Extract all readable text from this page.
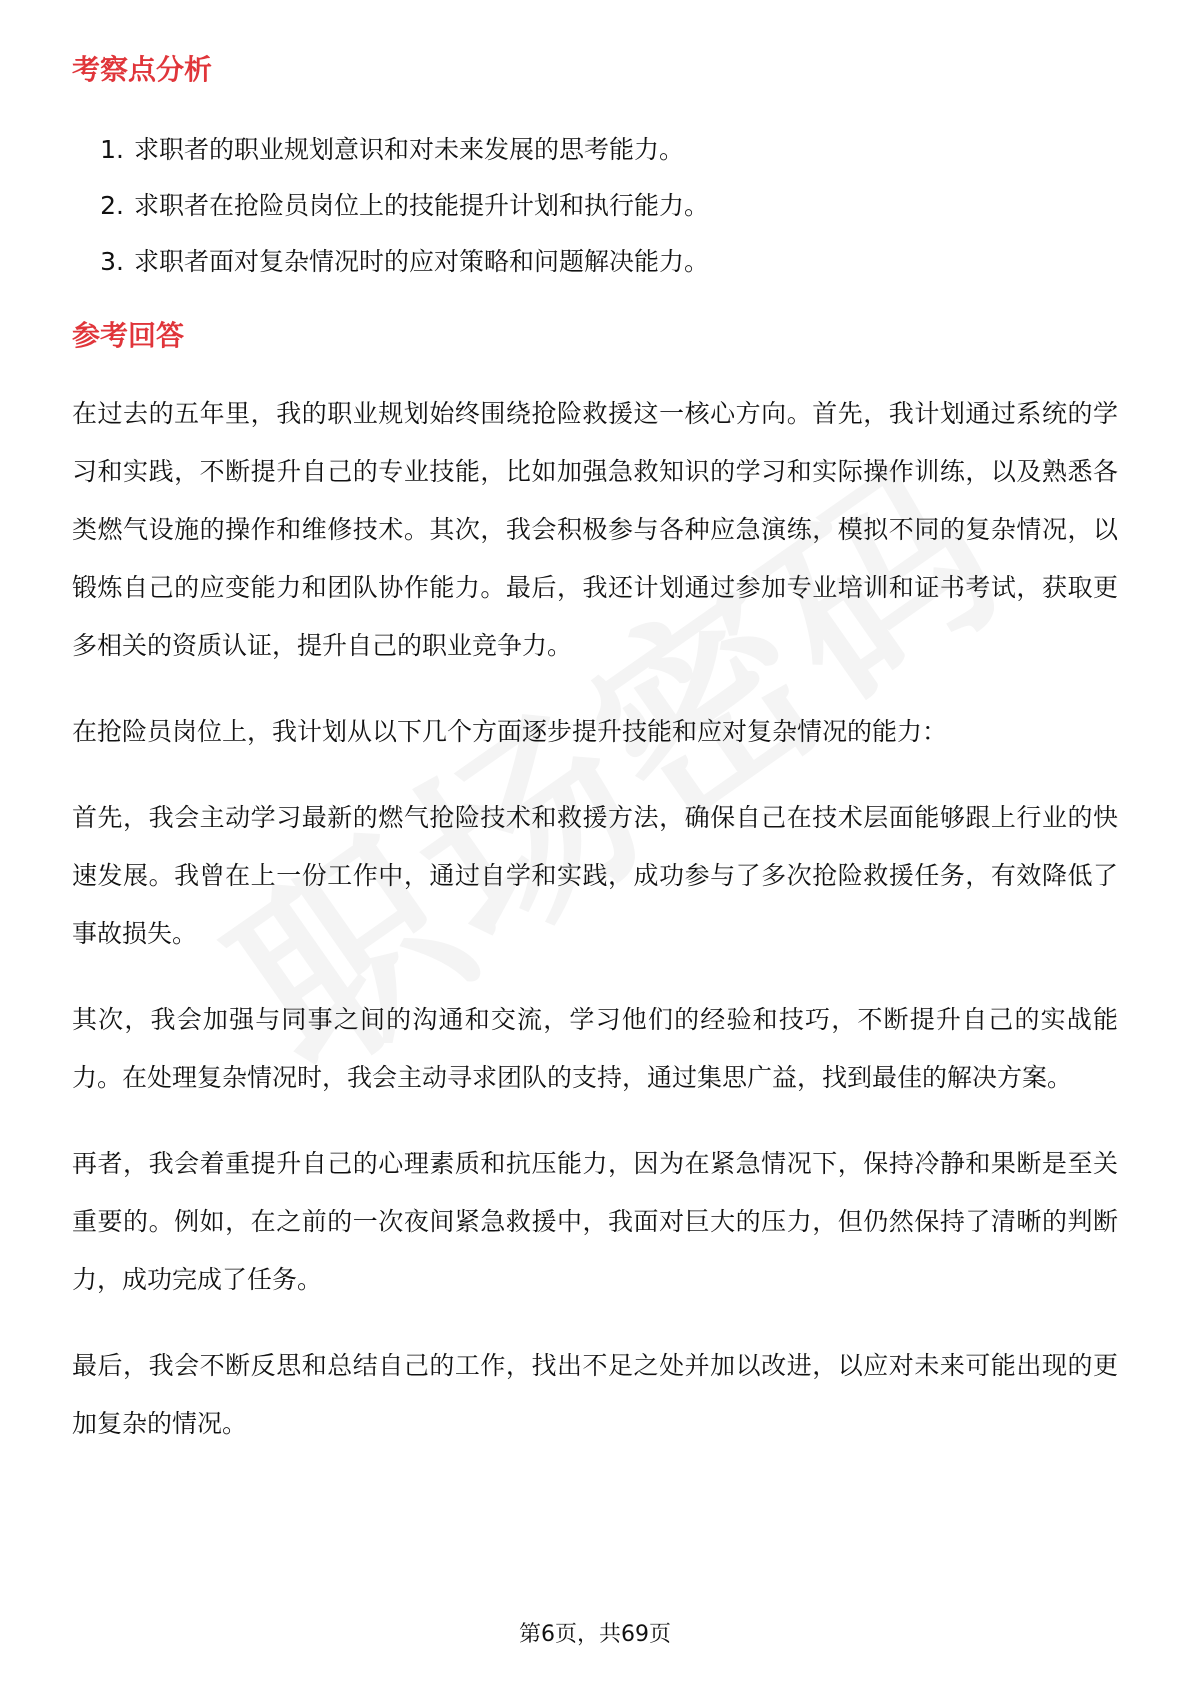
考察点分析
1. 求职者的职业规划意识和对未来发展的思考能力。
2. 求职者在抢险员岗位上的技能提升计划和执行能力。
3. 求职者面对复杂情况时的应对策略和问题解决能力。
参考回答

在过去的五年里，我的职业规划始终围绕抢险救援这一核心方向。首先，我计划通过系统的学习和实践，不断提升自己的专业技能，比如加强急救知识的学习和实际操作训练，以及熟悉各类燃气设施的操作和维修技术。其次，我会积极参与各种应急演练，模拟不同的复杂情况，以锻炼自己的应变能力和团队协作能力。最后，我还计划通过参加专业培训和证书考试，获取更多相关的资质认证，提升自己的职业竞争力。

在抢险员岗位上，我计划从以下几个方面逐步提升技能和应对复杂情况的能力：

首先，我会主动学习最新的燃气抢险技术和救援方法，确保自己在技术层面能够跟上行业的快速发展。我曾在上一份工作中，通过自学和实践，成功参与了多次抢险救援任务，有效降低了事故损失。

其次，我会加强与同事之间的沟通和交流，学习他们的经验和技巧，不断提升自己的实战能力。在处理复杂情况时，我会主动寻求团队的支持，通过集思广益，找到最佳的解决方案。

再者，我会着重提升自己的心理素质和抗压能力，因为在紧急情况下，保持冷静和果断是至关重要的。例如，在之前的一次夜间紧急救援中，我面对巨大的压力，但仍然保持了清晰的判断力，成功完成了任务。

最后，我会不断反思和总结自己的工作，找出不足之处并加以改进，以应对未来可能出现的更加复杂的情况。

第6页，共69页
